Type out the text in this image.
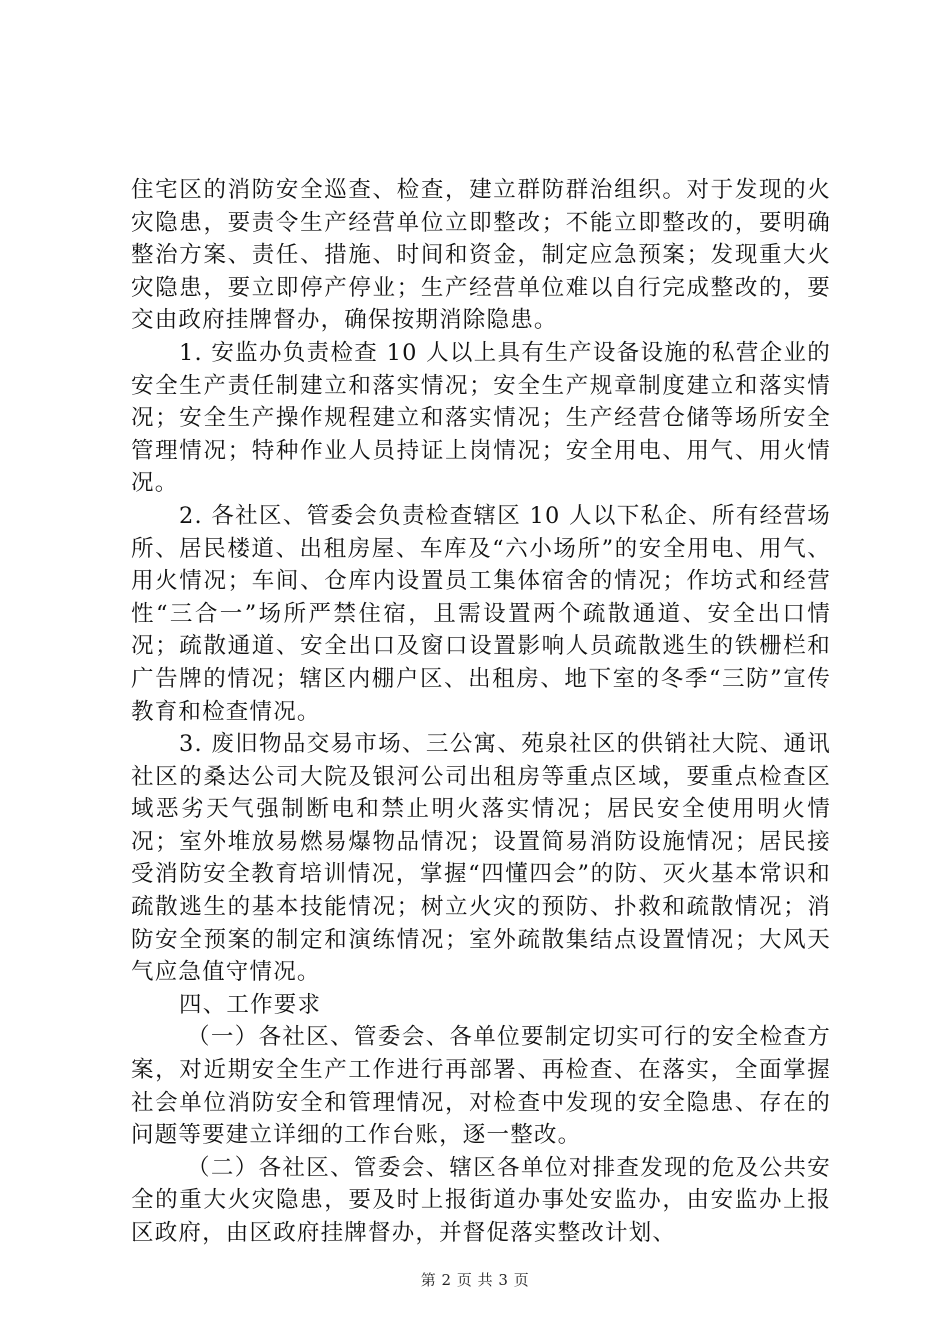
住宅区的消防安全巡查、检查，建立群防群治组织。对于发现的火灾隐患，要责令生产经营单位立即整改；不能立即整改的，要明确整治方案、责任、措施、时间和资金，制定应急预案；发现重大火灾隐患，要立即停产停业；生产经营单位难以自行完成整改的，要交由政府挂牌督办，确保按期消除隐患。

1. 安监办负责检查 10 人以上具有生产设备设施的私营企业的安全生产责任制建立和落实情况；安全生产规章制度建立和落实情况；安全生产操作规程建立和落实情况；生产经营仓储等场所安全管理情况；特种作业人员持证上岗情况；安全用电、用气、用火情况。

2. 各社区、管委会负责检查辖区 10 人以下私企、所有经营场所、居民楼道、出租房屋、车库及“六小场所”的安全用电、用气、用火情况；车间、仓库内设置员工集体宿舍的情况；作坊式和经营性“三合一”场所严禁住宿，且需设置两个疏散通道、安全出口情况；疏散通道、安全出口及窗口设置影响人员疏散逃生的铁栅栏和广告牌的情况；辖区内棚户区、出租房、地下室的冬季“三防”宣传教育和检查情况。

3. 废旧物品交易市场、三公寓、苑泉社区的供销社大院、通讯社区的桑达公司大院及银河公司出租房等重点区域，要重点检查区域恶劣天气强制断电和禁止明火落实情况；居民安全使用明火情况；室外堆放易燃易爆物品情况；设置简易消防设施情况；居民接受消防安全教育培训情况，掌握“四懂四会”的防、灭火基本常识和疏散逃生的基本技能情况；树立火灾的预防、扑救和疏散情况；消防安全预案的制定和演练情况；室外疏散集结点设置情况；大风天气应急值守情况。

四、工作要求

（一）各社区、管委会、各单位要制定切实可行的安全检查方案，对近期安全生产工作进行再部署、再检查、在落实，全面掌握社会单位消防安全和管理情况，对检查中发现的安全隐患、存在的问题等要建立详细的工作台账，逐一整改。

（二）各社区、管委会、辖区各单位对排查发现的危及公共安全的重大火灾隐患，要及时上报街道办事处安监办，由安监办上报区政府，由区政府挂牌督办，并督促落实整改计划、

第 2 页 共 3 页
